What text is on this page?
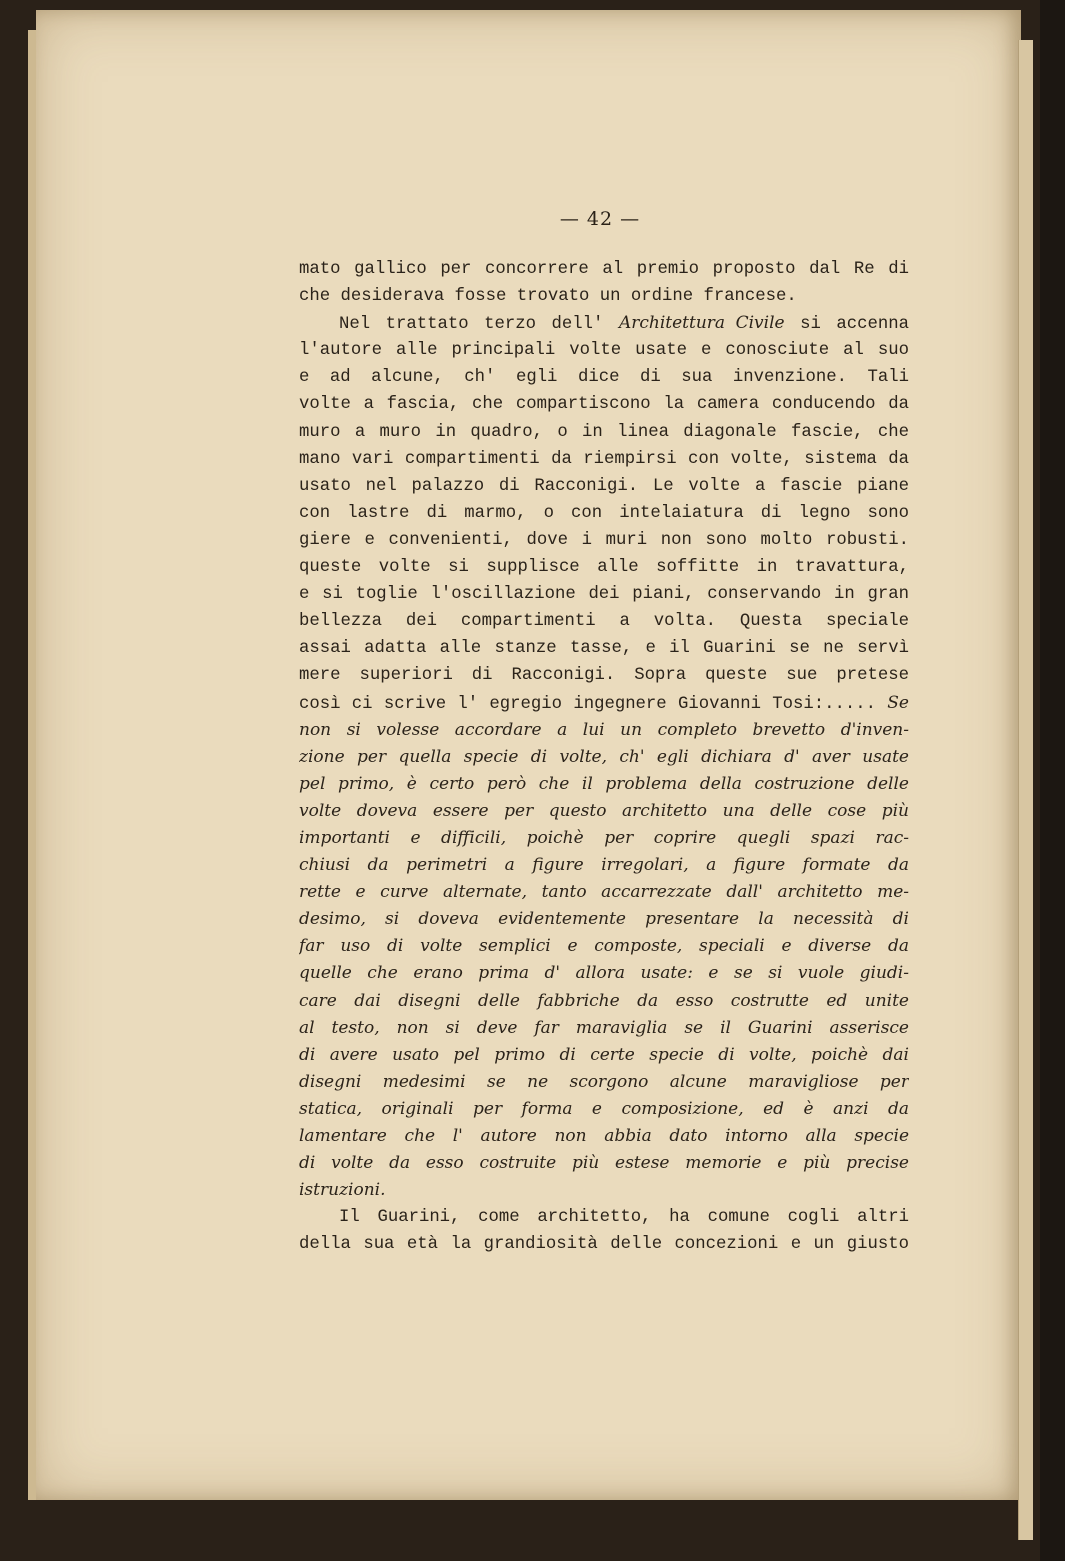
— 42 —
mato gallico per concorrere al premio proposto dal Re di
che desiderava fosse trovato un ordine francese.
Nel trattato terzo dell' Architettura Civile si accenna
l'autore alle principali volte usate e conosciute al suo
e ad alcune, ch' egli dice di sua invenzione. Tali
volte a fascia, che compartiscono la camera conducendo da
muro a muro in quadro, o in linea diagonale fascie, che
mano vari compartimenti da riempirsi con volte, sistema da
usato nel palazzo di Racconigi. Le volte a fascie piane
con lastre di marmo, o con intelaiatura di legno sono
giere e convenienti, dove i muri non sono molto robusti.
queste volte si supplisce alle soffitte in travattura,
e si toglie l'oscillazione dei piani, conservando in gran
bellezza dei compartimenti a volta. Questa speciale
assai adatta alle stanze tasse, e il Guarini se ne servì
mere superiori di Racconigi. Sopra queste sue pretese
così ci scrive l' egregio ingegnere Giovanni Tosi:..... Se
non si volesse accordare a lui un completo brevetto d'inven-
zione per quella specie di volte, ch' egli dichiara d' aver usate
pel primo, è certo però che il problema della costruzione delle
volte doveva essere per questo architetto una delle cose più
importanti e difficili, poichè per coprire quegli spazi rac-
chiusi da perimetri a figure irregolari, a figure formate da
rette e curve alternate, tanto accarrezzate dall' architetto me-
desimo, si doveva evidentemente presentare la necessità di
far uso di volte semplici e composte, speciali e diverse da
quelle che erano prima d' allora usate: e se si vuole giudi-
care dai disegni delle fabbriche da esso costrutte ed unite
al testo, non si deve far maraviglia se il Guarini asserisce
di avere usato pel primo di certe specie di volte, poichè dai
disegni medesimi se ne scorgono alcune maravigliose per
statica, originali per forma e composizione, ed è anzi da
lamentare che l' autore non abbia dato intorno alla specie
di volte da esso costruite più estese memorie e più precise
istruzioni.
Il Guarini, come architetto, ha comune cogli altri
della sua età la grandiosità delle concezioni e un giusto
